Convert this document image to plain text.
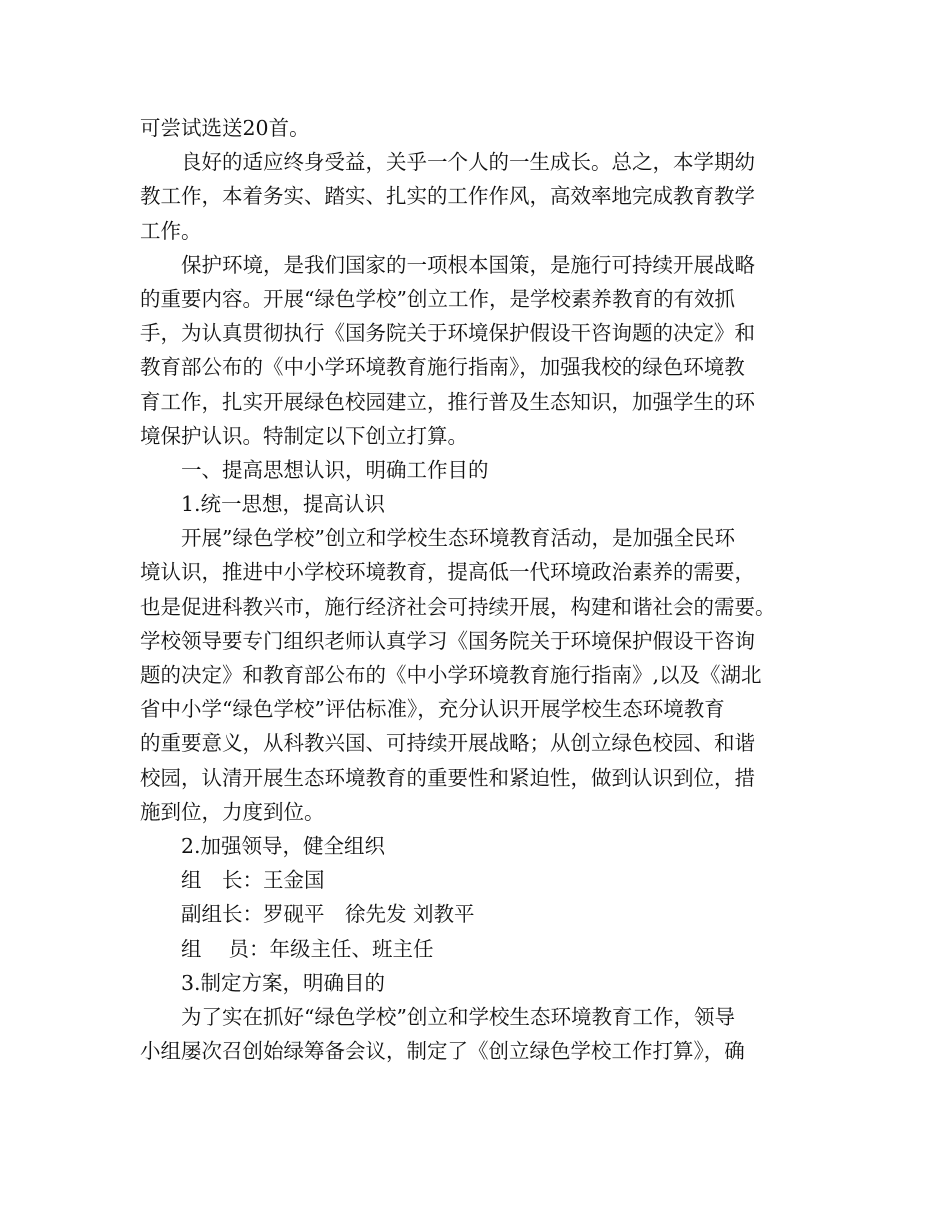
可尝试选送20首。
良好的适应终身受益，关乎一个人的一生成长。总之，本学期幼
教工作，本着务实、踏实、扎实的工作作风，高效率地完成教育教学
工作。
保护环境，是我们国家的一项根本国策，是施行可持续开展战略
的重要内容。开展“绿色学校”创立工作，是学校素养教育的有效抓
手，为认真贯彻执行《国务院关于环境保护假设干咨询题的决定》和
教育部公布的《中小学环境教育施行指南》，加强我校的绿色环境教
育工作，扎实开展绿色校园建立，推行普及生态知识，加强学生的环
境保护认识。特制定以下创立打算。
一、提高思想认识，明确工作目的
1.统一思想，提高认识
开展”绿色学校”创立和学校生态环境教育活动，是加强全民环
境认识，推进中小学校环境教育，提高低一代环境政治素养的需要，
也是促进科教兴市，施行经济社会可持续开展，构建和谐社会的需要。
学校领导要专门组织老师认真学习《国务院关于环境保护假设干咨询
题的决定》和教育部公布的《中小学环境教育施行指南》,以及《湖北
省中小学“绿色学校”评估标准》，充分认识开展学校生态环境教育
的重要意义，从科教兴国、可持续开展战略；从创立绿色校园、和谐
校园，认清开展生态环境教育的重要性和紧迫性，做到认识到位，措
施到位，力度到位。
2.加强领导，健全组织
组　长：王金国
副组长：罗砚平　徐先发 刘教平
组　 员：年级主任、班主任
3.制定方案，明确目的
为了实在抓好“绿色学校”创立和学校生态环境教育工作，领导
小组屡次召创始绿筹备会议，制定了《创立绿色学校工作打算》，确
